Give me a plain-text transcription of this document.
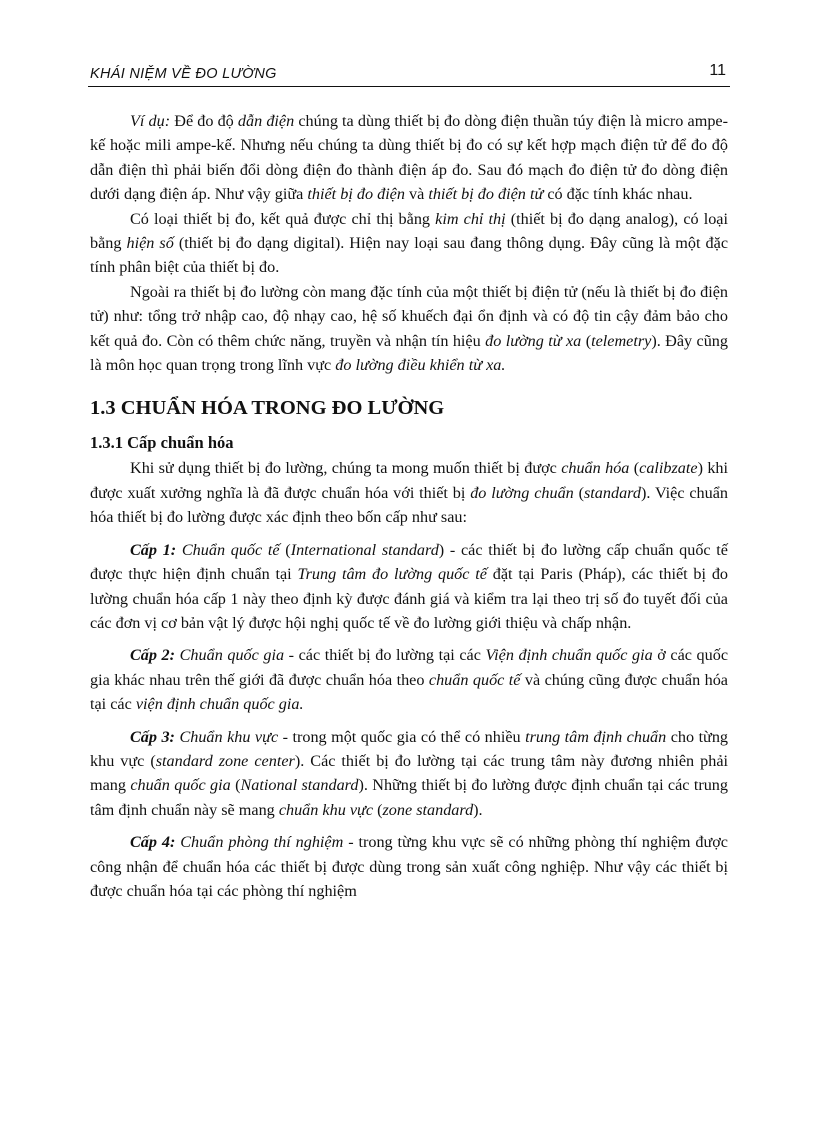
KHÁI NIỆM VỀ ĐO LƯỜNG	11

Ví dụ: Để đo độ dẫn điện chúng ta dùng thiết bị đo dòng điện thuần túy điện là micro ampe-kế hoặc mili ampe-kế. Nhưng nếu chúng ta dùng thiết bị đo có sự kết hợp mạch điện tử để đo độ dẫn điện thì phải biến đổi dòng điện đo thành điện áp đo. Sau đó mạch đo điện tử đo dòng điện dưới dạng điện áp. Như vậy giữa thiết bị đo điện và thiết bị đo điện tử có đặc tính khác nhau.

Có loại thiết bị đo, kết quả được chỉ thị bằng kim chỉ thị (thiết bị đo dạng analog), có loại bằng hiện số (thiết bị đo dạng digital). Hiện nay loại sau đang thông dụng. Đây cũng là một đặc tính phân biệt của thiết bị đo.

Ngoài ra thiết bị đo lường còn mang đặc tính của một thiết bị điện tử (nếu là thiết bị đo điện tử) như: tổng trở nhập cao, độ nhạy cao, hệ số khuếch đại ổn định và có độ tin cậy đảm bảo cho kết quả đo. Còn có thêm chức năng, truyền và nhận tín hiệu đo lường từ xa (telemetry). Đây cũng là môn học quan trọng trong lĩnh vực đo lường điều khiển từ xa.

1.3 CHUẨN HÓA TRONG ĐO LƯỜNG
1.3.1 Cấp chuẩn hóa

Khi sử dụng thiết bị đo lường, chúng ta mong muốn thiết bị được chuẩn hóa (calibzate) khi được xuất xưởng nghĩa là đã được chuẩn hóa với thiết bị đo lường chuẩn (standard). Việc chuẩn hóa thiết bị đo lường được xác định theo bốn cấp như sau:

Cấp 1: Chuẩn quốc tế (International standard) - các thiết bị đo lường cấp chuẩn quốc tế được thực hiện định chuẩn tại Trung tâm đo lường quốc tế đặt tại Paris (Pháp), các thiết bị đo lường chuẩn hóa cấp 1 này theo định kỳ được đánh giá và kiểm tra lại theo trị số đo tuyết đối của các đơn vị cơ bản vật lý được hội nghị quốc tế về đo lường giới thiệu và chấp nhận.

Cấp 2: Chuẩn quốc gia - các thiết bị đo lường tại các Viện định chuẩn quốc gia ở các quốc gia khác nhau trên thế giới đã được chuẩn hóa theo chuẩn quốc tế và chúng cũng được chuẩn hóa tại các viện định chuẩn quốc gia.

Cấp 3: Chuẩn khu vực - trong một quốc gia có thể có nhiều trung tâm định chuẩn cho từng khu vực (standard zone center). Các thiết bị đo lường tại các trung tâm này đương nhiên phải mang chuẩn quốc gia (National standard). Những thiết bị đo lường được định chuẩn tại các trung tâm định chuẩn này sẽ mang chuẩn khu vực (zone standard).

Cấp 4: Chuẩn phòng thí nghiệm - trong từng khu vực sẽ có những phòng thí nghiệm được công nhận để chuẩn hóa các thiết bị được dùng trong sản xuất công nghiệp. Như vậy các thiết bị được chuẩn hóa tại các phòng thí nghiệm
